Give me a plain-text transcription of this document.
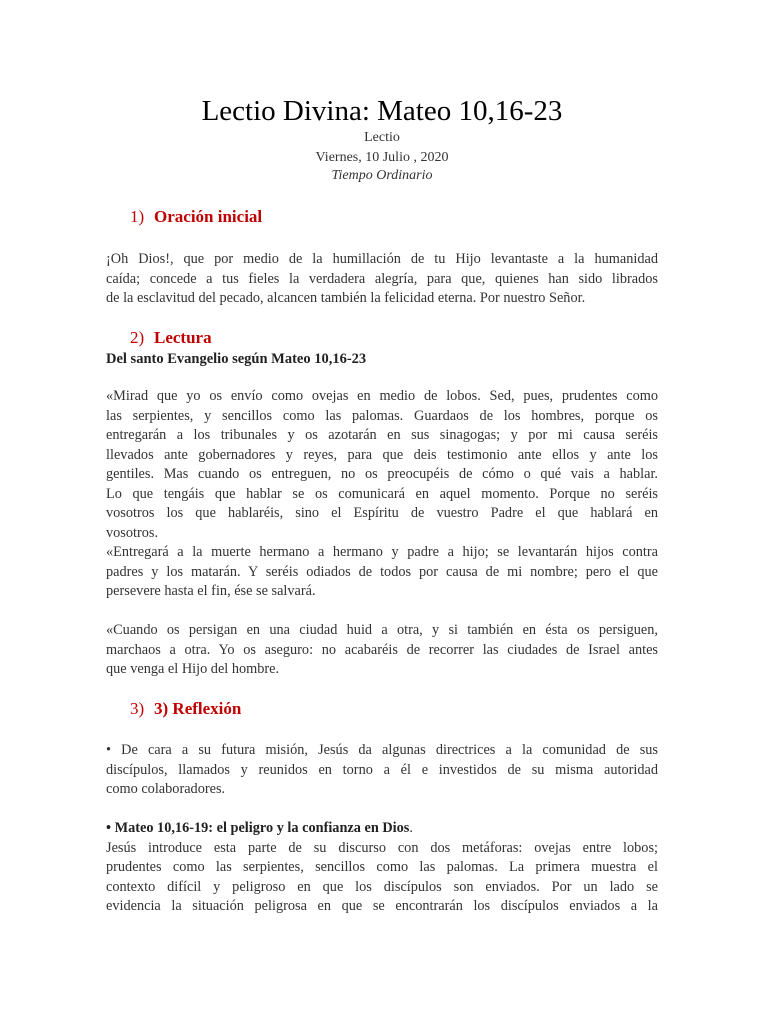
Lectio Divina: Mateo 10,16-23
Lectio
Viernes, 10 Julio , 2020
Tiempo Ordinario
1) Oración inicial
¡Oh Dios!, que por medio de la humillación de tu Hijo levantaste a la humanidad
caída; concede a tus fieles la verdadera alegría, para que, quienes han sido librados
de la esclavitud del pecado, alcancen también la felicidad eterna. Por nuestro Señor.
2) Lectura
Del santo Evangelio según Mateo 10,16-23
«Mirad que yo os envío como ovejas en medio de lobos. Sed, pues, prudentes como
las serpientes, y sencillos como las palomas. Guardaos de los hombres, porque os
entregarán a los tribunales y os azotarán en sus sinagogas; y por mi causa seréis
llevados ante gobernadores y reyes, para que deis testimonio ante ellos y ante los
gentiles. Mas cuando os entreguen, no os preocupéis de cómo o qué vais a hablar.
Lo que tengáis que hablar se os comunicará en aquel momento. Porque no seréis
vosotros los que hablaréis, sino el Espíritu de vuestro Padre el que hablará en
vosotros.
«Entregará a la muerte hermano a hermano y padre a hijo; se levantarán hijos contra
padres y los matarán. Y seréis odiados de todos por causa de mi nombre; pero el que
persevere hasta el fin, ése se salvará.
«Cuando os persigan en una ciudad huid a otra, y si también en ésta os persiguen,
marchaos a otra. Yo os aseguro: no acabaréis de recorrer las ciudades de Israel antes
que venga el Hijo del hombre.
3) 3) Reflexión
• De cara a su futura misión, Jesús da algunas directrices a la comunidad de sus
discípulos, llamados y reunidos en torno a él e investidos de su misma autoridad
como colaboradores.
• Mateo 10,16-19: el peligro y la confianza en Dios.
Jesús introduce esta parte de su discurso con dos metáforas: ovejas entre lobos;
prudentes como las serpientes, sencillos como las palomas. La primera muestra el
contexto difícil y peligroso en que los discípulos son enviados. Por un lado se
evidencia la situación peligrosa en que se encontrarán los discípulos enviados a la
